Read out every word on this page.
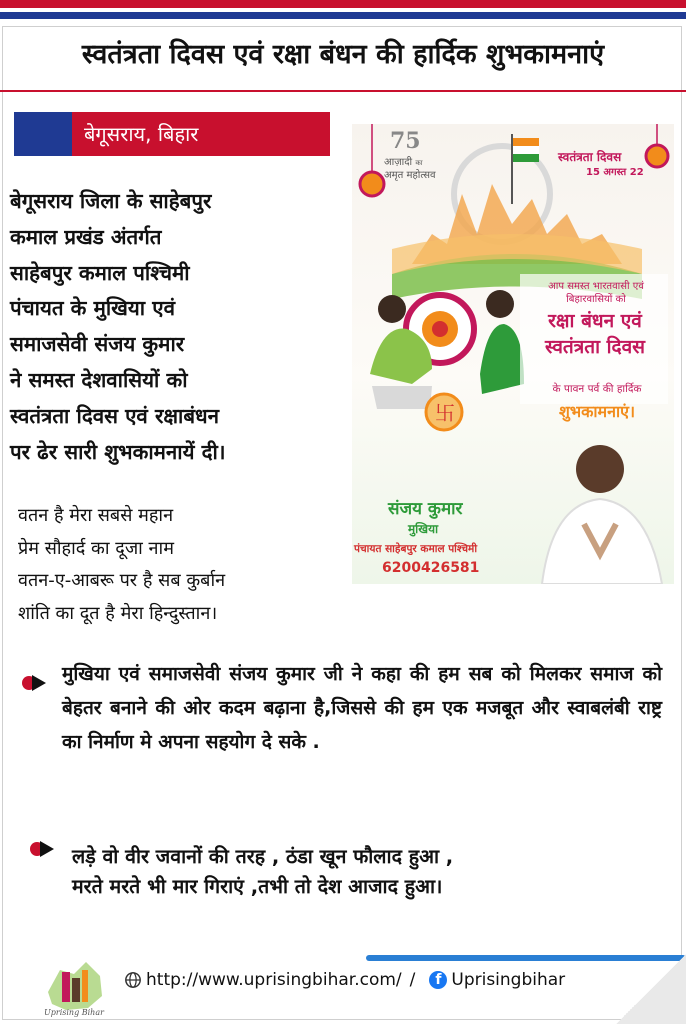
स्वतंत्रता दिवस एवं रक्षा बंधन की हार्दिक शुभकामनाएं
बेगूसराय, बिहार
बेगूसराय जिला के साहेबपुर
कमाल प्रखंड अंतर्गत
साहेबपुर कमाल पश्चिमी
पंचायत के मुखिया एवं
समाजसेवी संजय कुमार
ने समस्त देशवासियों को
स्वतंत्रता दिवस एवं रक्षाबंधन
पर ढेर सारी शुभकामनायें दी।
वतन है मेरा सबसे महान
प्रेम सौहार्द का दूजा नाम
वतन-ए-आबरू पर है सब कुर्बान
शांति का दूत है मेरा हिन्दुस्तान।
卐
75
आज़ादी का
अमृत महोत्सव
स्वतंत्रता दिवस
15 अगस्त 22
आप समस्त भारतवासी एवं
बिहारवासियों को
रक्षा बंधन एवं
स्वतंत्रता दिवस
के पावन पर्व की हार्दिक
शुभकामनाएं।
संजय कुमार
मुखिया
पंचायत साहेबपुर कमाल पश्चिमी
6200426581
मुखिया एवं समाजसेवी संजय कुमार जी ने कहा की हम सब को मिलकर समाज को बेहतर बनाने की ओर कदम बढ़ाना है,जिससे की हम एक मजबूत और स्वाबलंबी राष्ट्र का निर्माण मे अपना सहयोग दे सके .
लड़े वो वीर जवानों की तरह , ठंडा खून फौलाद हुआ ,
मरते मरते भी मार गिराएं ,तभी तो देश आजाद हुआ।
Uprising Bihar
http://www.uprisingbihar.com/ /	f Uprisingbihar
